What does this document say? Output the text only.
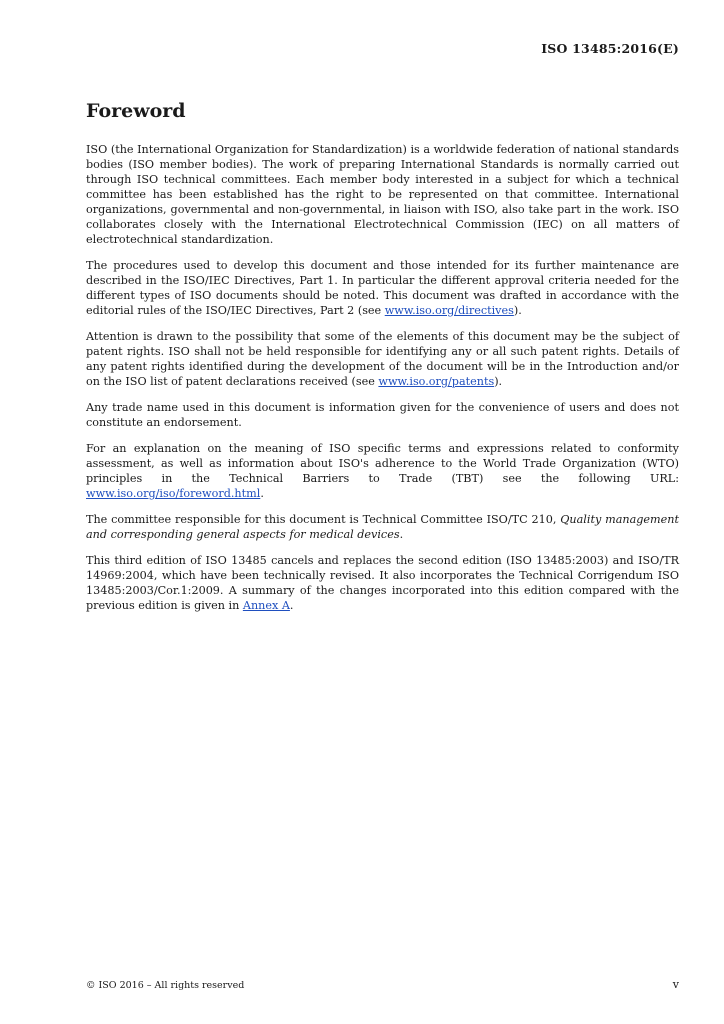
ISO 13485:2016(E)
Foreword

ISO (the International Organization for Standardization) is a worldwide federation of national standards bodies (ISO member bodies). The work of preparing International Standards is normally carried out through ISO technical committees. Each member body interested in a subject for which a technical committee has been established has the right to be represented on that committee. International organizations, governmental and non-governmental, in liaison with ISO, also take part in the work. ISO collaborates closely with the International Electrotechnical Commission (IEC) on all matters of electrotechnical standardization.

The procedures used to develop this document and those intended for its further maintenance are described in the ISO/IEC Directives, Part 1. In particular the different approval criteria needed for the different types of ISO documents should be noted. This document was drafted in accordance with the editorial rules of the ISO/IEC Directives, Part 2 (see www.iso.org/directives).

Attention is drawn to the possibility that some of the elements of this document may be the subject of patent rights. ISO shall not be held responsible for identifying any or all such patent rights. Details of any patent rights identified during the development of the document will be in the Introduction and/or on the ISO list of patent declarations received (see www.iso.org/patents).

Any trade name used in this document is information given for the convenience of users and does not constitute an endorsement.

For an explanation on the meaning of ISO specific terms and expressions related to conformity assessment, as well as information about ISO's adherence to the World Trade Organization (WTO) principles in the Technical Barriers to Trade (TBT) see the following URL: www.iso.org/iso/foreword.html.

The committee responsible for this document is Technical Committee ISO/TC 210, Quality management and corresponding general aspects for medical devices.

This third edition of ISO 13485 cancels and replaces the second edition (ISO 13485:2003) and ISO/TR 14969:2004, which have been technically revised. It also incorporates the Technical Corrigendum ISO 13485:2003/Cor.1:2009. A summary of the changes incorporated into this edition compared with the previous edition is given in Annex A.

© ISO 2016 – All rights reserved	v
